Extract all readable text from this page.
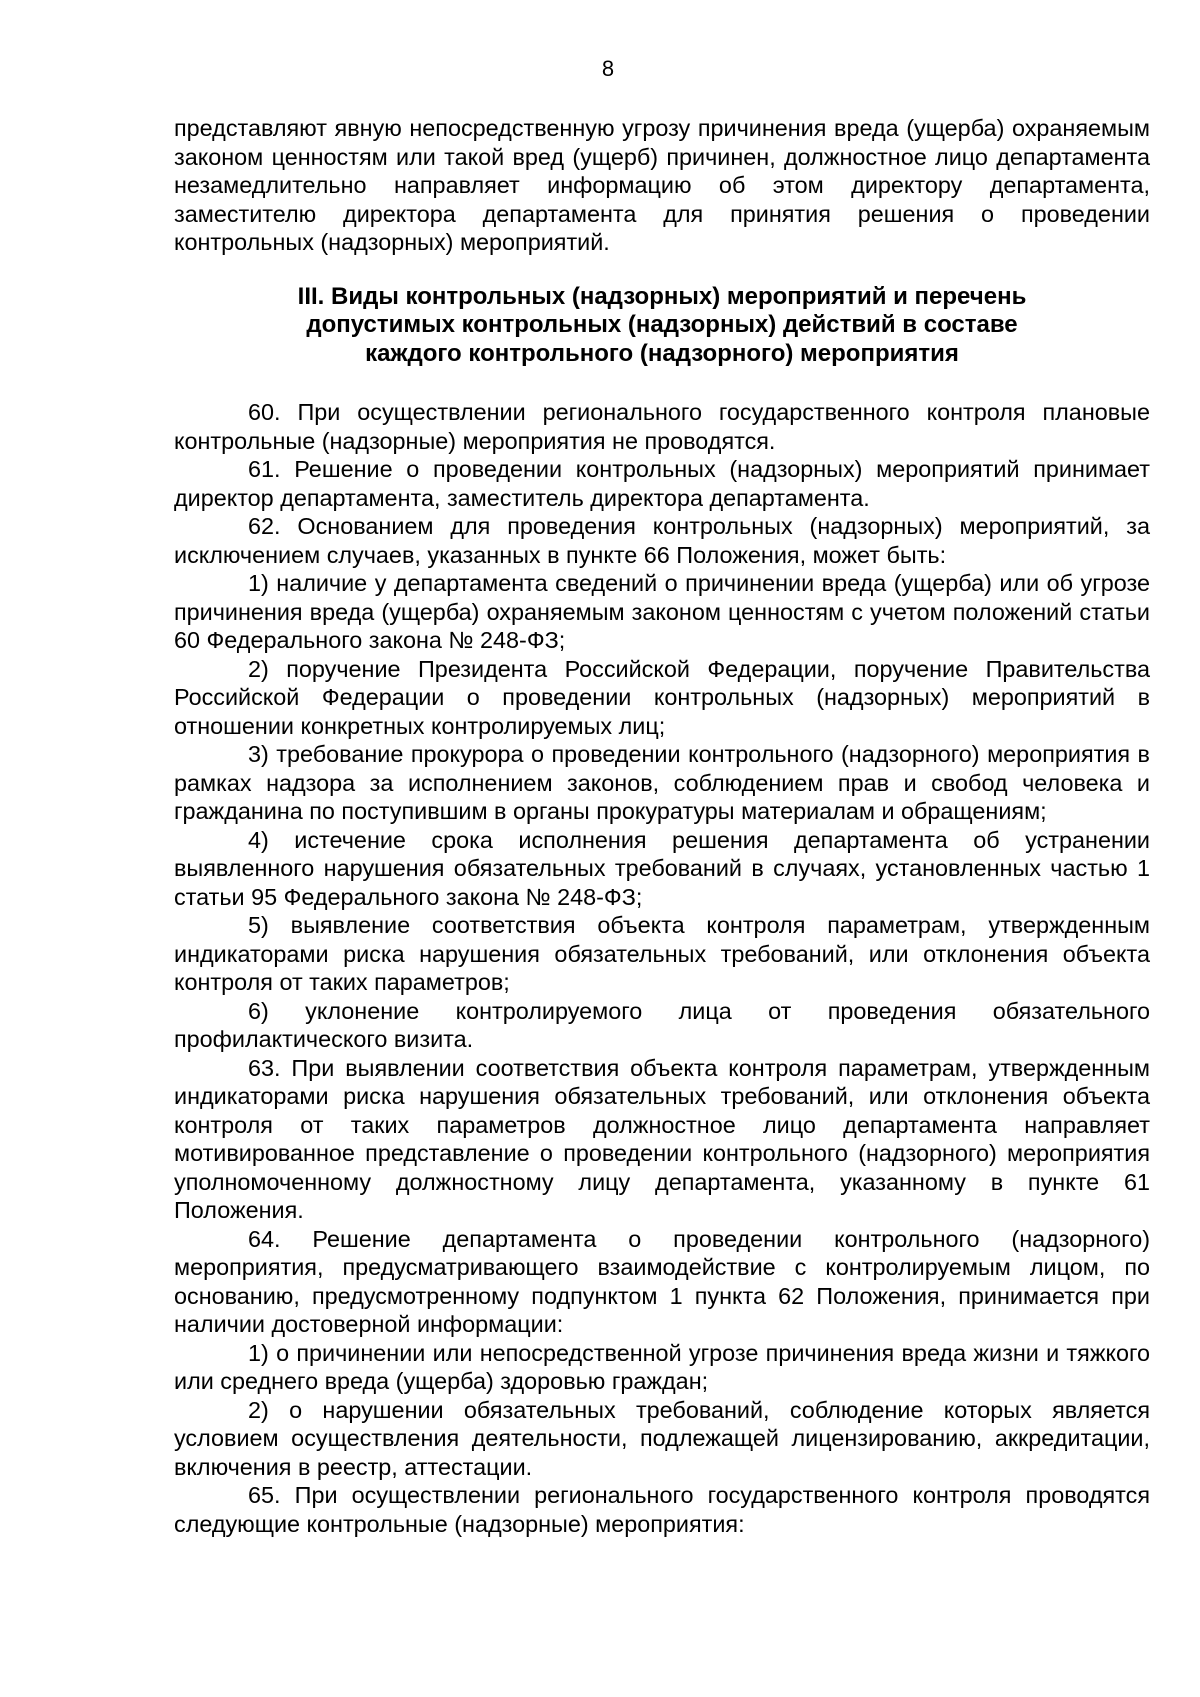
8

представляют явную непосредственную угрозу причинения вреда (ущерба) охраняемым законом ценностям или такой вред (ущерб) причинен, должностное лицо департамента незамедлительно направляет информацию об этом директору департамента, заместителю директора департамента для принятия решения о проведении контрольных (надзорных) мероприятий.

III. Виды контрольных (надзорных) мероприятий и перечень
допустимых контрольных (надзорных) действий в составе
каждого контрольного (надзорного) мероприятия

60. При осуществлении регионального государственного контроля плановые контрольные (надзорные) мероприятия не проводятся.

61. Решение о проведении контрольных (надзорных) мероприятий принимает директор департамента, заместитель директора департамента.

62. Основанием для проведения контрольных (надзорных) мероприятий, за исключением случаев, указанных в пункте 66 Положения, может быть:

1) наличие у департамента сведений о причинении вреда (ущерба) или об угрозе причинения вреда (ущерба) охраняемым законом ценностям с учетом положений статьи 60 Федерального закона № 248-ФЗ;

2) поручение Президента Российской Федерации, поручение Правительства Российской Федерации о проведении контрольных (надзорных) мероприятий в отношении конкретных контролируемых лиц;

3) требование прокурора о проведении контрольного (надзорного) мероприятия в рамках надзора за исполнением законов, соблюдением прав и свобод человека и гражданина по поступившим в органы прокуратуры материалам и обращениям;

4) истечение срока исполнения решения департамента об устранении выявленного нарушения обязательных требований в случаях, установленных частью 1 статьи 95 Федерального закона № 248-ФЗ;

5) выявление соответствия объекта контроля параметрам, утвержденным индикаторами риска нарушения обязательных требований, или отклонения объекта контроля от таких параметров;

6) уклонение контролируемого лица от проведения обязательного профилактического визита.

63. При выявлении соответствия объекта контроля параметрам, утвержденным индикаторами риска нарушения обязательных требований, или отклонения объекта контроля от таких параметров должностное лицо департамента направляет мотивированное представление о проведении контрольного (надзорного) мероприятия уполномоченному должностному лицу департамента, указанному в пункте 61 Положения.

64. Решение департамента о проведении контрольного (надзорного) мероприятия, предусматривающего взаимодействие с контролируемым лицом, по основанию, предусмотренному подпунктом 1 пункта 62 Положения, принимается при наличии достоверной информации:

1) о причинении или непосредственной угрозе причинения вреда жизни и тяжкого или среднего вреда (ущерба) здоровью граждан;

2) о нарушении обязательных требований, соблюдение которых является условием осуществления деятельности, подлежащей лицензированию, аккредитации, включения в реестр, аттестации.

65. При осуществлении регионального государственного контроля проводятся следующие контрольные (надзорные) мероприятия:
